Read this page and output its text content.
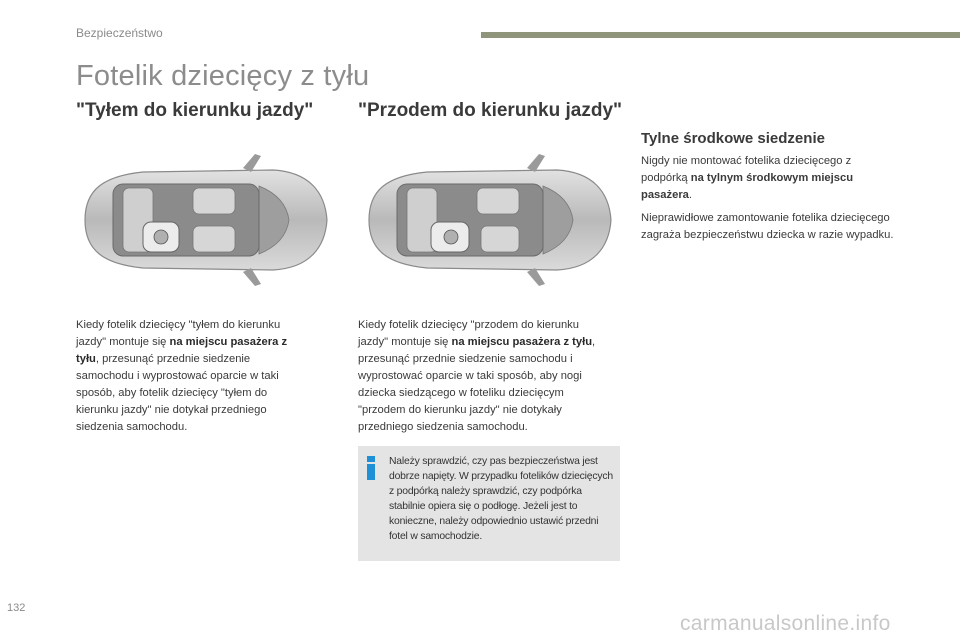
Bezpieczeństwo
Fotelik dziecięcy z tyłu
"Tyłem do kierunku jazdy" "Przodem do kierunku jazdy"

Kiedy fotelik dziecięcy "tyłem do kierunku jazdy" montuje się na miejscu pasażera z tyłu, przesunąć przednie siedzenie samochodu i wyprostować oparcie w taki sposób, aby fotelik dziecięcy "tyłem do kierunku jazdy" nie dotykał przedniego siedzenia samochodu.

Kiedy fotelik dziecięcy "przodem do kierunku jazdy" montuje się na miejscu pasażera z tyłu, przesunąć przednie siedzenie samochodu i wyprostować oparcie w taki sposób, aby nogi dziecka siedzącego w foteliku dziecięcym "przodem do kierunku jazdy" nie dotykały przedniego siedzenia samochodu.

Tylne środkowe siedzenie

Nigdy nie montować fotelika dziecięcego z podpórką na tylnym środkowym miejscu pasażera.

Nieprawidłowe zamontowanie fotelika dziecięcego zagraża bezpieczeństwu dziecka w razie wypadku.

Należy sprawdzić, czy pas bezpieczeństwa jest dobrze napięty. W przypadku fotelików dziecięcych z podpórką należy sprawdzić, czy podpórka stabilnie opiera się o podłogę. Jeżeli jest to konieczne, należy odpowiednio ustawić przedni fotel w samochodzie.

132
carmanualsonline.info
